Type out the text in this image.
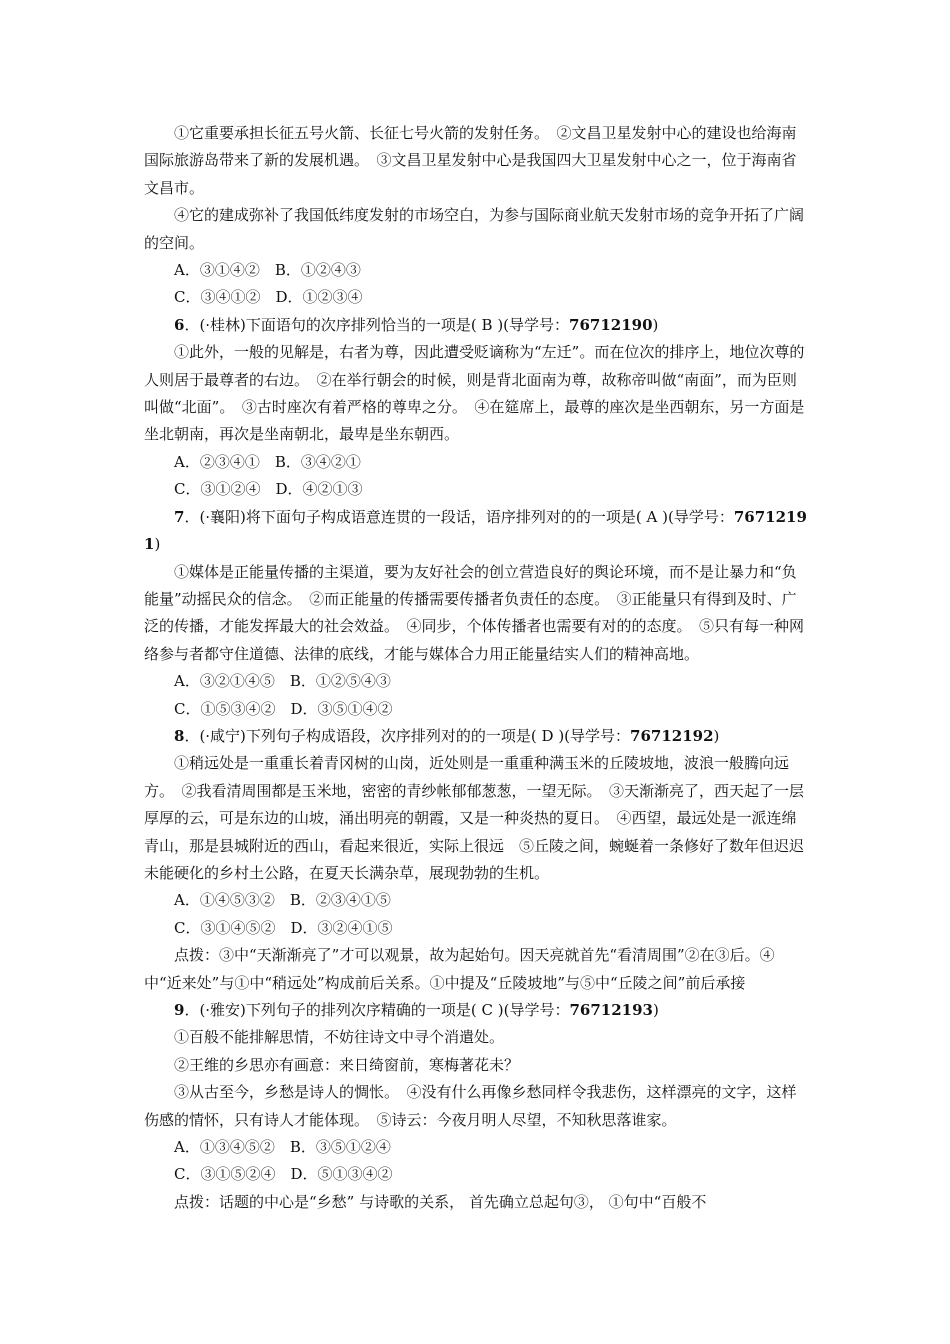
①它重要承担长征五号火箭、长征七号火箭的发射任务。　②文昌卫星发射中心的建设也给海南国际旅游岛带来了新的发展机遇。　③文昌卫星发射中心是我国四大卫星发射中心之一，位于海南省文昌市。

④它的建成弥补了我国低纬度发射的市场空白，为参与国际商业航天发射市场的竞争开拓了广阔的空间。

A．③①④②　B．①②④③

C．③④①②　D．①②③④

6．(·桂林)下面语句的次序排列恰当的一项是( B )(导学号：76712190)

①此外，一般的见解是，右者为尊，因此遭受贬谪称为“左迁”。而在位次的排序上，地位次尊的人则居于最尊者的右边。　②在举行朝会的时候，则是背北面南为尊，故称帝叫做“南面”，而为臣则叫做“北面”。　③古时座次有着严格的尊卑之分。　④在筵席上，最尊的座次是坐西朝东，另一方面是坐北朝南，再次是坐南朝北，最卑是坐东朝西。

A．②③④①　B．③④②①

C．③①②④　D．④②①③

7．(·襄阳)将下面句子构成语意连贯的一段话，语序排列对的的一项是( A )(导学号：76712191)

①媒体是正能量传播的主渠道，要为友好社会的创立营造良好的舆论环境，而不是让暴力和“负能量”动摇民众的信念。　②而正能量的传播需要传播者负责任的态度。　③正能量只有得到及时、广泛的传播，才能发挥最大的社会效益。　④同步，个体传播者也需要有对的的态度。　⑤只有每一种网络参与者都守住道德、法律的底线，才能与媒体合力用正能量结实人们的精神高地。

A．③②①④⑤　B．①②⑤④③

C．①⑤③④②　D．③⑤①④②

8．(·咸宁)下列句子构成语段，次序排列对的的一项是( D )(导学号：76712192)

①稍远处是一重重长着青冈树的山岗，近处则是一重重种满玉米的丘陵坡地，波浪一般腾向远方。　②我看清周围都是玉米地，密密的青纱帐郁郁葱葱，一望无际。　③天渐渐亮了，西天起了一层厚厚的云，可是东边的山坡，涌出明亮的朝霞，又是一种炎热的夏日。　④西望，最远处是一派连绵青山，那是县城附近的西山，看起来很近，实际上很远　⑤丘陵之间，蜿蜒着一条修好了数年但迟迟未能硬化的乡村土公路，在夏天长满杂草，展现勃勃的生机。

A．①④⑤③②　B．②③④①⑤

C．③①④⑤②　D．③②④①⑤

点拨：③中“天渐渐亮了”才可以观景，故为起始句。因天亮就首先“看清周围”②在③后。④中“近来处”与①中“稍远处”构成前后关系。①中提及“丘陵坡地”与⑤中“丘陵之间”前后承接

9．(·雅安)下列句子的排列次序精确的一项是( C )(导学号：76712193)

①百般不能排解思情，不妨往诗文中寻个消遣处。

②王维的乡思亦有画意：来日绮窗前，寒梅著花未？

③从古至今，乡愁是诗人的惆怅。　④没有什么再像乡愁同样令我悲伤，这样漂亮的文字，这样伤感的情怀，只有诗人才能体现。　⑤诗云：今夜月明人尽望，不知秋思落谁家。

A．①③④⑤②　B．③⑤①②④

C．③①⑤②④　D．⑤①③④②

点拨：话题的中心是“乡愁” 与诗歌的关系， 首先确立总起句③， ①句中“百般不
